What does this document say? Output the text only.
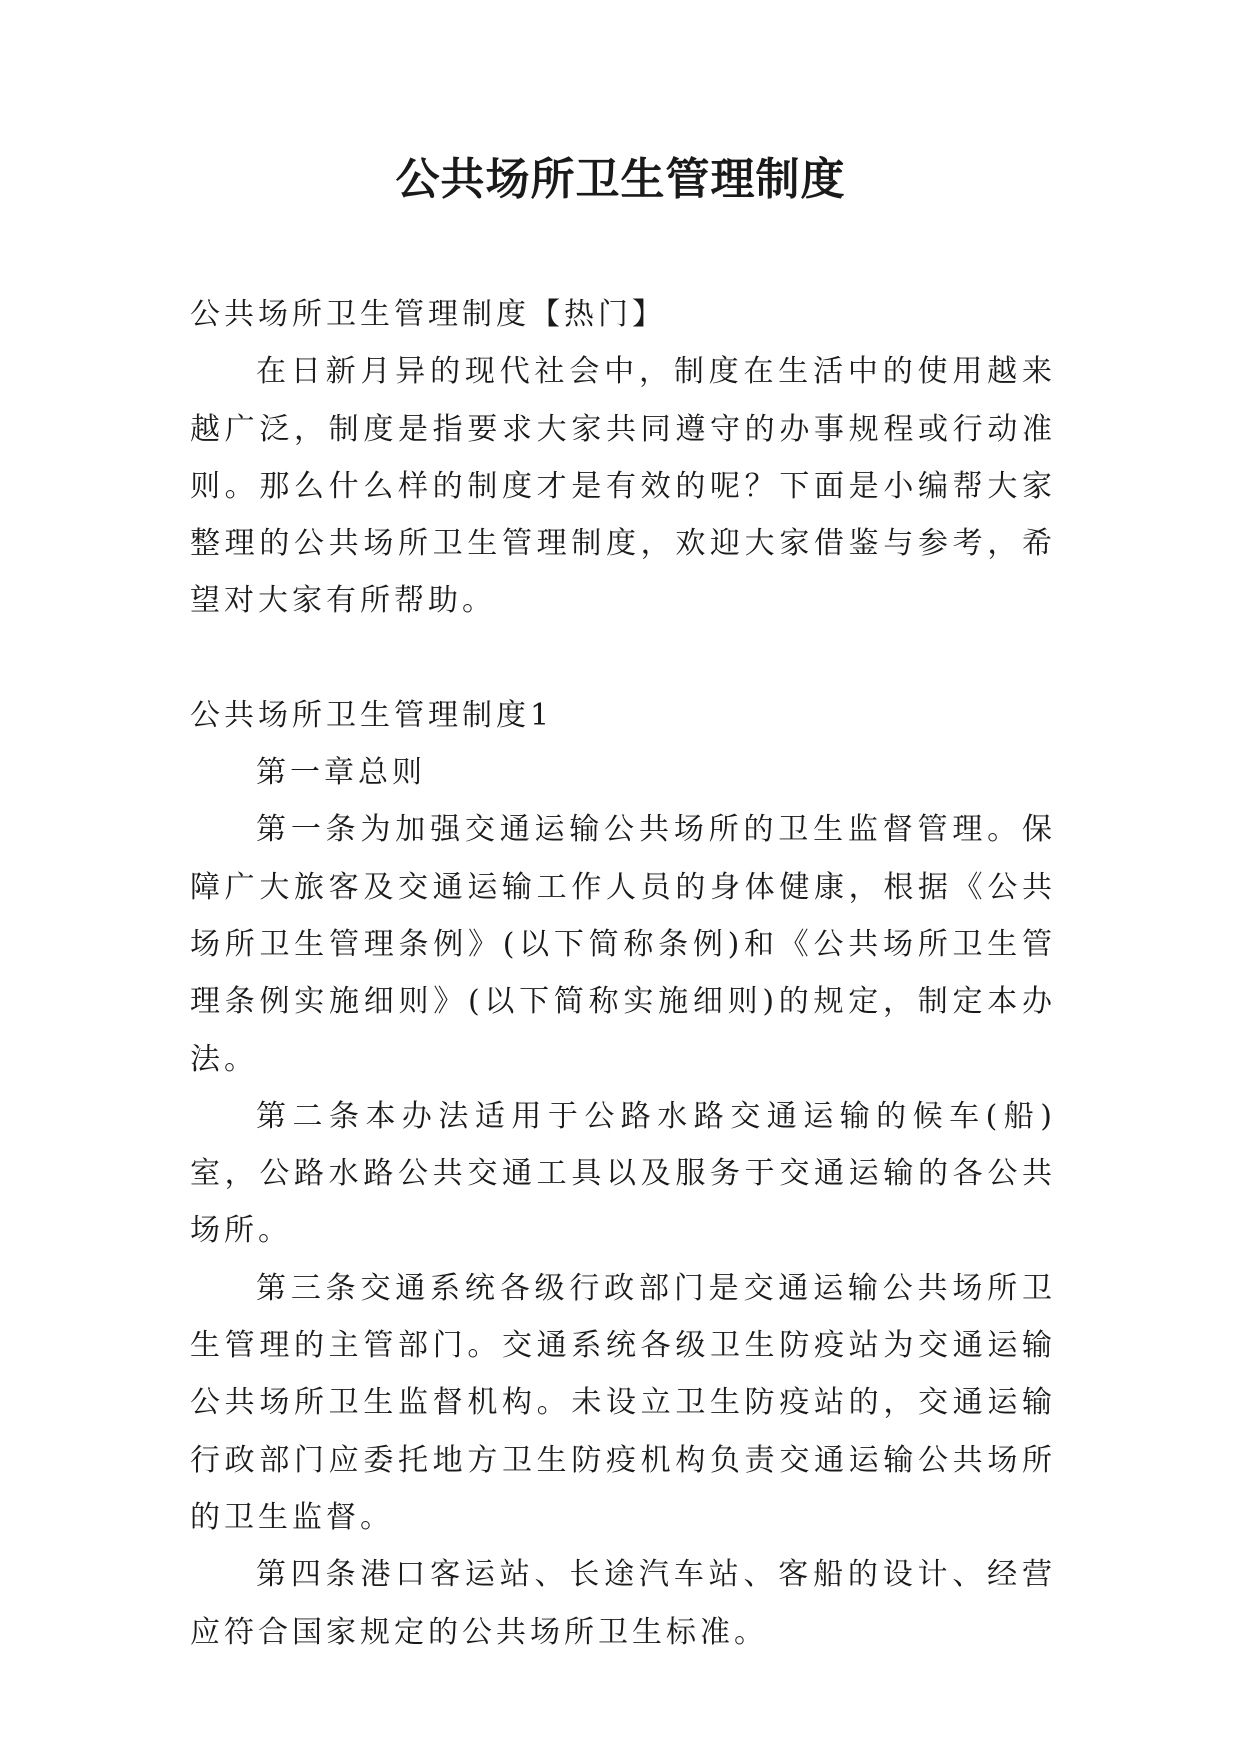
公共场所卫生管理制度

公共场所卫生管理制度【热门】

在日新月异的现代社会中，制度在生活中的使用越来越广泛，制度是指要求大家共同遵守的办事规程或行动准则。那么什么样的制度才是有效的呢？下面是小编帮大家整理的公共场所卫生管理制度，欢迎大家借鉴与参考，希望对大家有所帮助。

公共场所卫生管理制度1

第一章总则

第一条为加强交通运输公共场所的卫生监督管理。保障广大旅客及交通运输工作人员的身体健康，根据《公共场所卫生管理条例》(以下简称条例)和《公共场所卫生管理条例实施细则》(以下简称实施细则)的规定，制定本办法。

第二条本办法适用于公路水路交通运输的候车(船)室，公路水路公共交通工具以及服务于交通运输的各公共场所。

第三条交通系统各级行政部门是交通运输公共场所卫生管理的主管部门。交通系统各级卫生防疫站为交通运输公共场所卫生监督机构。未设立卫生防疫站的，交通运输行政部门应委托地方卫生防疫机构负责交通运输公共场所的卫生监督。

第四条港口客运站、长途汽车站、客船的设计、经营应符合国家规定的公共场所卫生标准。
